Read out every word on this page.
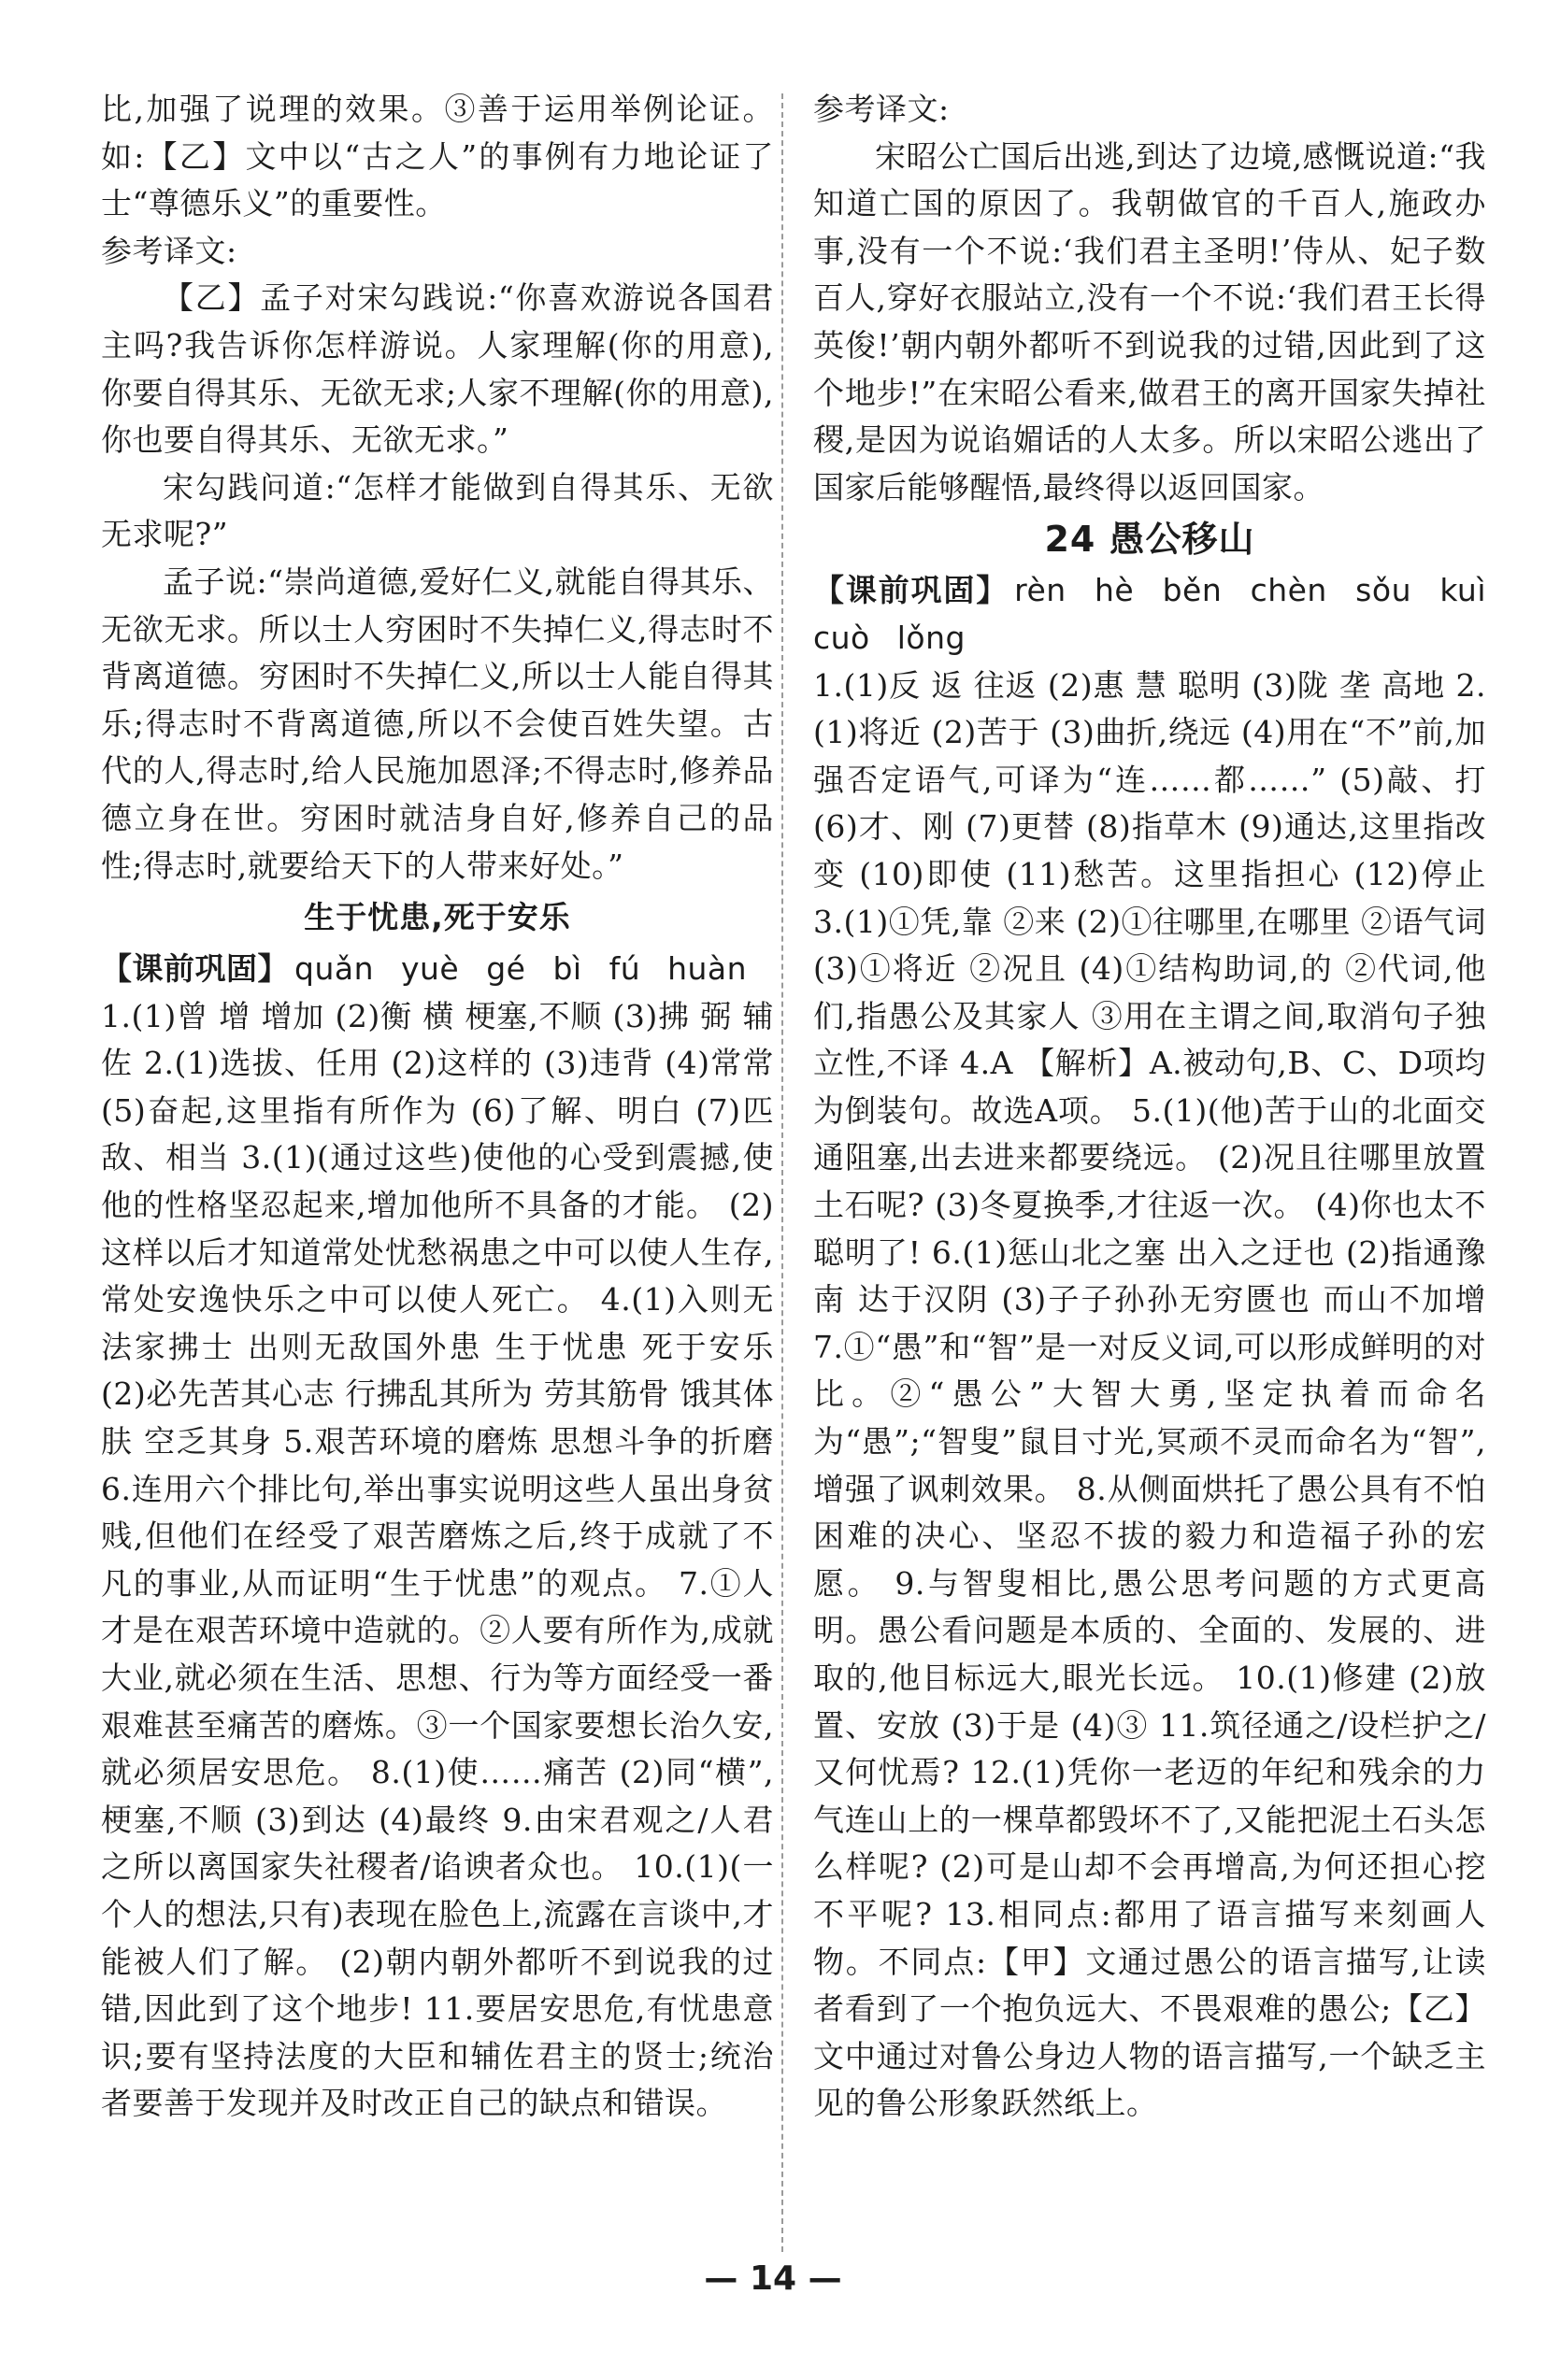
比,加强了说理的效果。③善于运用举例论证。如:【乙】文中以“古之人”的事例有力地论证了士“尊德乐义”的重要性。

参考译文:

【乙】孟子对宋勾践说:“你喜欢游说各国君主吗?我告诉你怎样游说。人家理解(你的用意),你要自得其乐、无欲无求;人家不理解(你的用意),你也要自得其乐、无欲无求。”

宋勾践问道:“怎样才能做到自得其乐、无欲无求呢?”

孟子说:“崇尚道德,爱好仁义,就能自得其乐、无欲无求。所以士人穷困时不失掉仁义,得志时不背离道德。穷困时不失掉仁义,所以士人能自得其乐;得志时不背离道德,所以不会使百姓失望。古代的人,得志时,给人民施加恩泽;不得志时,修养品德立身在世。穷困时就洁身自好,修养自己的品性;得志时,就要给天下的人带来好处。”

生于忧患,死于安乐

【课前巩固】 quǎn yuè gé bì fú huàn

1.(1)曾 增 增加 (2)衡 横 梗塞,不顺 (3)拂 弼 辅佐 2.(1)选拔、任用 (2)这样的 (3)违背 (4)常常 (5)奋起,这里指有所作为 (6)了解、明白 (7)匹敌、相当 3.(1)(通过这些)使他的心受到震撼,使他的性格坚忍起来,增加他所不具备的才能。 (2)这样以后才知道常处忧愁祸患之中可以使人生存,常处安逸快乐之中可以使人死亡。 4.(1)入则无法家拂士 出则无敌国外患 生于忧患 死于安乐 (2)必先苦其心志 行拂乱其所为 劳其筋骨 饿其体肤 空乏其身 5.艰苦环境的磨炼 思想斗争的折磨 6.连用六个排比句,举出事实说明这些人虽出身贫贱,但他们在经受了艰苦磨炼之后,终于成就了不凡的事业,从而证明“生于忧患”的观点。 7.①人才是在艰苦环境中造就的。②人要有所作为,成就大业,就必须在生活、思想、行为等方面经受一番艰难甚至痛苦的磨炼。③一个国家要想长治久安,就必须居安思危。 8.(1)使……痛苦 (2)同“横”,梗塞,不顺 (3)到达 (4)最终 9.由宋君观之/人君之所以离国家失社稷者/谄谀者众也。 10.(1)(一个人的想法,只有)表现在脸色上,流露在言谈中,才能被人们了解。 (2)朝内朝外都听不到说我的过错,因此到了这个地步! 11.要居安思危,有忧患意识;要有坚持法度的大臣和辅佐君主的贤士;统治者要善于发现并及时改正自己的缺点和错误。

参考译文:

宋昭公亡国后出逃,到达了边境,感慨说道:“我知道亡国的原因了。我朝做官的千百人,施政办事,没有一个不说:‘我们君主圣明!’侍从、妃子数百人,穿好衣服站立,没有一个不说:‘我们君王长得英俊!’朝内朝外都听不到说我的过错,因此到了这个地步!”在宋昭公看来,做君王的离开国家失掉社稷,是因为说谄媚话的人太多。所以宋昭公逃出了国家后能够醒悟,最终得以返回国家。

24 愚公移山

【课前巩固】 rèn hè běn chèn sǒu kuì cuò lǒng

1.(1)反 返 往返 (2)惠 慧 聪明 (3)陇 垄 高地 2.(1)将近 (2)苦于 (3)曲折,绕远 (4)用在“不”前,加强否定语气,可译为“连……都……” (5)敲、打 (6)才、刚 (7)更替 (8)指草木 (9)通达,这里指改变 (10)即使 (11)愁苦。这里指担心 (12)停止 3.(1)①凭,靠 ②来 (2)①往哪里,在哪里 ②语气词 (3)①将近 ②况且 (4)①结构助词,的 ②代词,他们,指愚公及其家人 ③用在主谓之间,取消句子独立性,不译 4.A 【解析】A.被动句,B、C、D项均为倒装句。故选A项。 5.(1)(他)苦于山的北面交通阻塞,出去进来都要绕远。 (2)况且往哪里放置土石呢? (3)冬夏换季,才往返一次。 (4)你也太不聪明了! 6.(1)惩山北之塞 出入之迂也 (2)指通豫南 达于汉阴 (3)子子孙孙无穷匮也 而山不加增 7.①“愚”和“智”是一对反义词,可以形成鲜明的对比。②“愚公”大智大勇,坚定执着而命名为“愚”;“智叟”鼠目寸光,冥顽不灵而命名为“智”,增强了讽刺效果。 8.从侧面烘托了愚公具有不怕困难的决心、坚忍不拔的毅力和造福子孙的宏愿。 9.与智叟相比,愚公思考问题的方式更高明。愚公看问题是本质的、全面的、发展的、进取的,他目标远大,眼光长远。 10.(1)修建 (2)放置、安放 (3)于是 (4)③ 11.筑径通之/设栏护之/又何忧焉? 12.(1)凭你一老迈的年纪和残余的力气连山上的一棵草都毁坏不了,又能把泥土石头怎么样呢? (2)可是山却不会再增高,为何还担心挖不平呢? 13.相同点:都用了语言描写来刻画人物。不同点:【甲】文通过愚公的语言描写,让读者看到了一个抱负远大、不畏艰难的愚公;【乙】文中通过对鲁公身边人物的语言描写,一个缺乏主见的鲁公形象跃然纸上。

— 14 —
